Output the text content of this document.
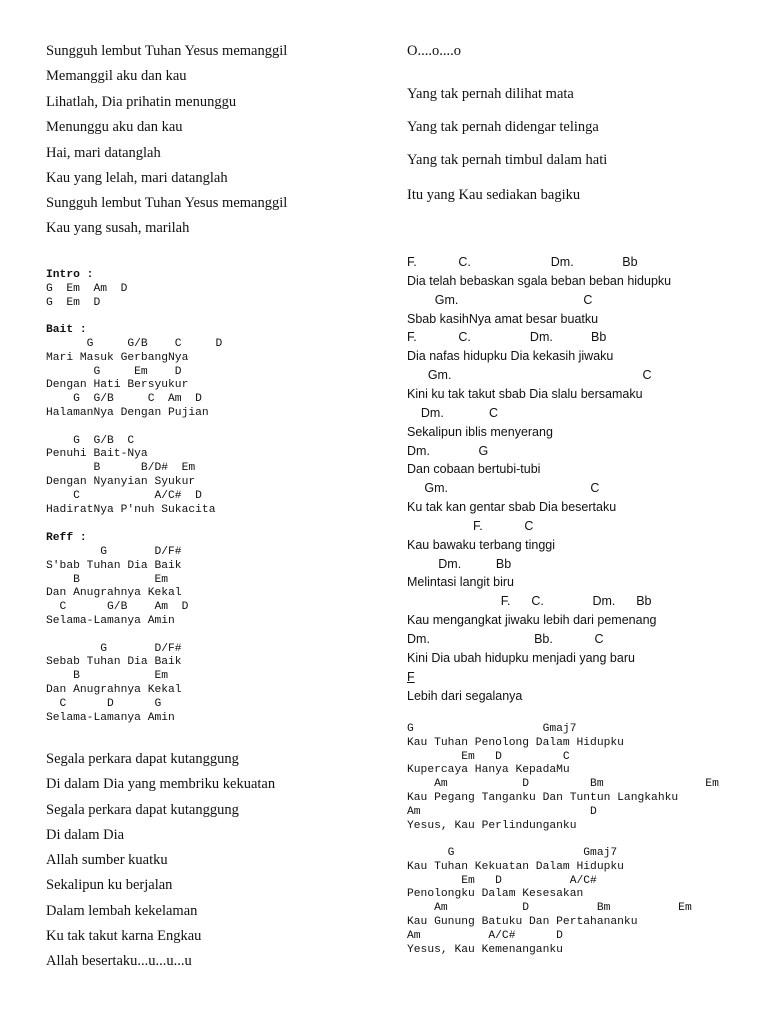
Sungguh lembut Tuhan Yesus memanggil
Memanggil aku dan kau
Lihatlah, Dia prihatin menunggu
Menunggu aku dan kau
Hai, mari datanglah
Kau yang lelah, mari datanglah
Sungguh lembut Tuhan Yesus memanggil
Kau yang susah, marilah
Intro :
G  Em  Am  D
G  Em  D
Bait :
G     G/B    C     D
Mari Masuk GerbangNya
G     Em    D
Dengan Hati Bersyukur
G  G/B     C  Am  D
HalamanNya Dengan Pujian
G  G/B  C
Penuhi Bait-Nya
B      B/D#  Em
Dengan Nyanyian Syukur
C           A/C#  D
HadiratNya P'nuh Sukacita
Reff :
G       D/F#
S'bab Tuhan Dia Baik
B           Em
Dan Anugrahnya Kekal
C      G/B    Am  D
Selama-Lamanya Amin
G       D/F#
Sebab Tuhan Dia Baik
B           Em
Dan Anugrahnya Kekal
C      D      G
Selama-Lamanya Amin
Segala perkara dapat kutanggung
Di dalam Dia yang membriku kekuatan
Segala perkara dapat kutanggung
Di dalam Dia
Allah sumber kuatku
Sekalipun ku berjalan
Dalam lembah kekelaman
Ku tak takut karna Engkau
Allah besertaku...u...u...u
O....o....o
Yang tak pernah dilihat mata
Yang tak pernah didengar telinga
Yang tak pernah timbul dalam hati
Itu yang Kau sediakan bagiku
F.            C.                       Dm.              Bb
Dia telah bebaskan sgala beban beban hidupku
Gm.                                    C
Sbab kasihNya amat besar buatku
F.            C.                 Dm.           Bb
Dia nafas hidupku Dia kekasih jiwaku
Gm.                                                       C
Kini ku tak takut sbab Dia slalu bersamaku
Dm.             C
Sekalipun iblis menyerang
Dm.              G
Dan cobaan bertubi-tubi
Gm.                                         C
Ku tak kan gentar sbab Dia besertaku
F.            C
Kau bawaku terbang tinggi
Dm.          Bb
Melintasi langit biru
F.      C.              Dm.      Bb
Kau mengangkat jiwaku lebih dari pemenang
Dm.                              Bb.            C
Kini Dia ubah hidupku menjadi yang baru
F
Lebih dari segalanya
G                   Gmaj7
Kau Tuhan Penolong Dalam Hidupku
Em   D         C
Kupercaya Hanya KepadaMu
Am           D         Bm               Em
Kau Pegang Tanganku Dan Tuntun Langkahku
Am                         D
Yesus, Kau Perlindunganku
G                   Gmaj7
Kau Tuhan Kekuatan Dalam Hidupku
Em   D          A/C#
Penolongku Dalam Kesesakan
Am           D          Bm          Em
Kau Gunung Batuku Dan Pertahananku
Am          A/C#      D
Yesus, Kau Kemenanganku
